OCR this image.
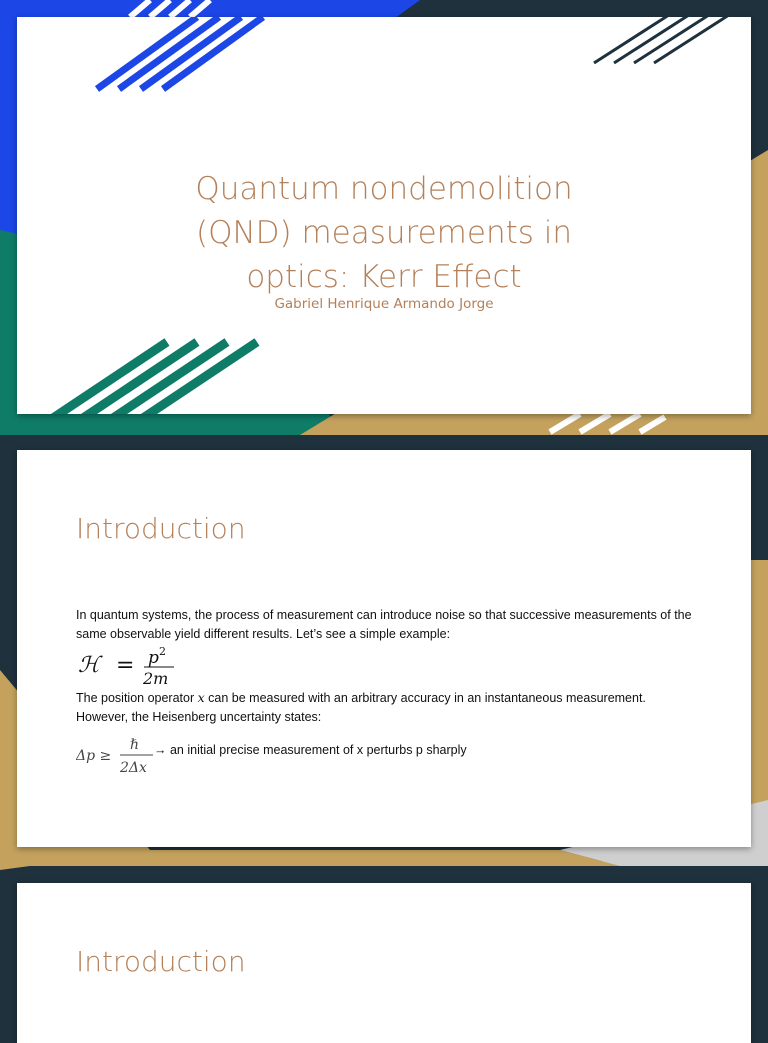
Quantum nondemolition
(QND) measurements in
optics: Kerr Effect
Gabriel Henrique Armando Jorge
Introduction
In quantum systems, the process of measurement can introduce noise so that successive measurements of the same observable yield different results. Let’s see a simple example:
ℋ = p 2
2m
The position operator x can be measured with an arbitrary accuracy in an instantaneous measurement.
However, the Heisenberg uncertainty states:
Δp ≥
ℏ
2Δx
→ an initial precise measurement of x perturbs p sharply
Introduction
